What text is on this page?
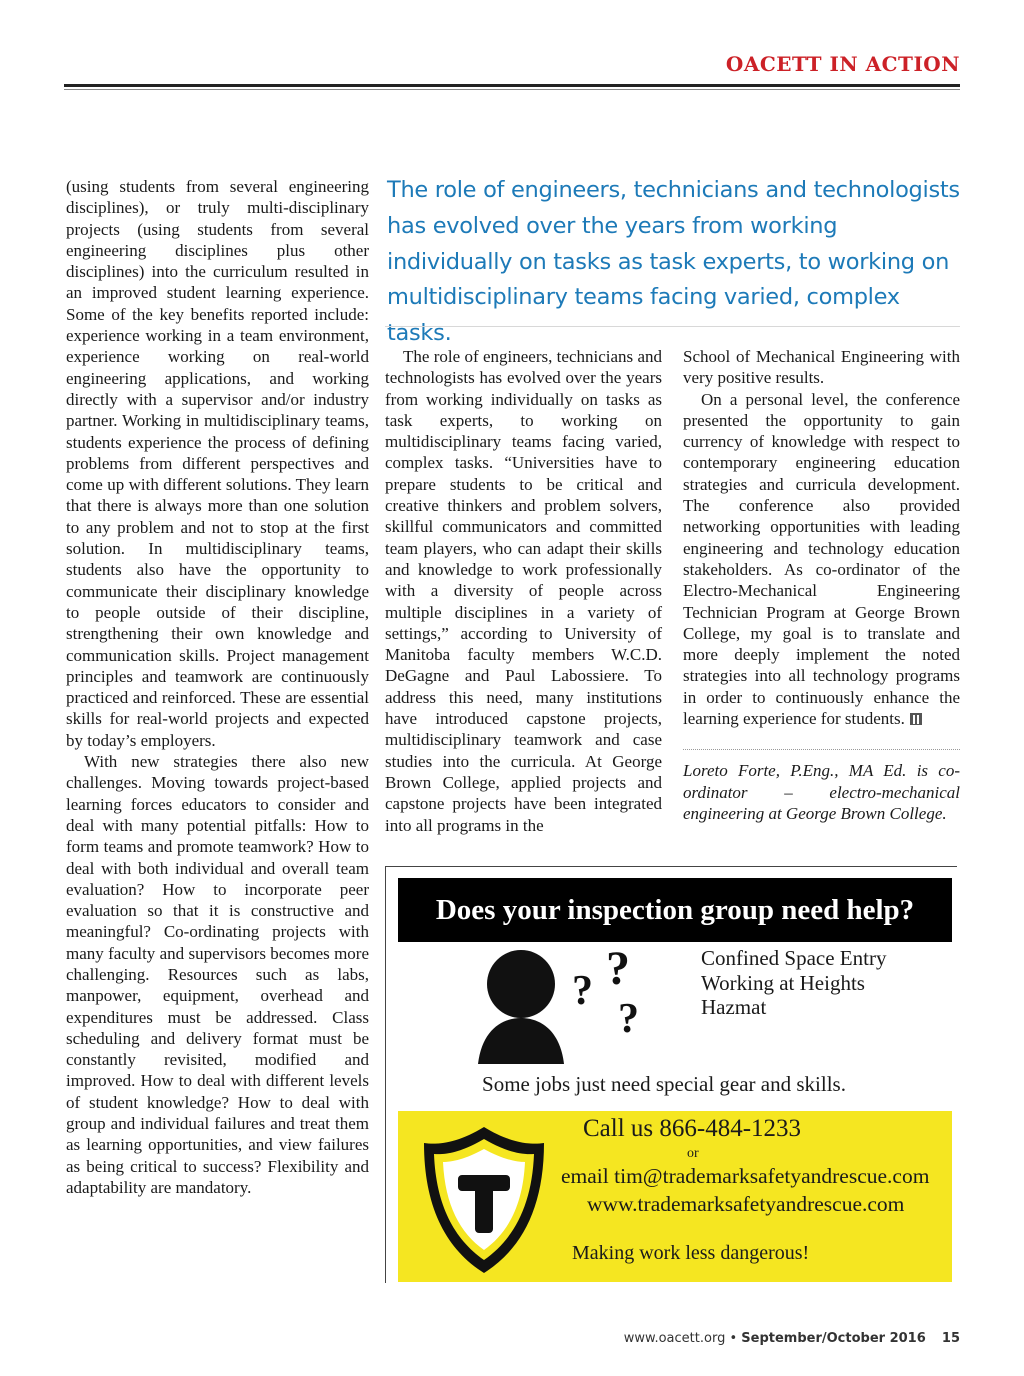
OACETT IN ACTION

(using students from several engineering disciplines), or truly multi-disciplinary projects (using students from several engineering disciplines plus other disciplines) into the curriculum resulted in an improved student learning experience. Some of the key benefits reported include: experience working in a team environment, experience working on real-world engineering applications, and working directly with a supervisor and/or industry partner. Working in multidisciplinary teams, students experience the process of defining problems from different perspectives and come up with different solutions. They learn that there is always more than one solution to any problem and not to stop at the first solution. In multidisciplinary teams, students also have the opportunity to communicate their disciplinary knowledge to people outside of their discipline, strengthening their own knowledge and communication skills. Project management principles and teamwork are continuously practiced and reinforced. These are essential skills for real-world projects and expected by today’s employers.

With new strategies there also new challenges. Moving towards project-based learning forces educators to consider and deal with many potential pitfalls: How to form teams and promote teamwork? How to deal with both individual and overall team evaluation? How to incorporate peer evaluation so that it is constructive and meaningful? Co-ordinating projects with many faculty and supervisors becomes more challenging. Resources such as labs, manpower, equipment, overhead and expenditures must be addressed. Class scheduling and delivery format must be constantly revisited, modified and improved. How to deal with different levels of student knowledge? How to deal with group and individual failures and treat them as learning opportunities, and view failures as being critical to success? Flexibility and adaptability are mandatory.

The role of engineers, technicians and technologists has evolved over the years from working individually on tasks as task experts, to working on multidisciplinary teams facing varied, complex tasks.

The role of engineers, technicians and technologists has evolved over the years from working individually on tasks as task experts, to working on multidisciplinary teams facing varied, complex tasks. “Universities have to prepare students to be critical and creative thinkers and problem solvers, skillful communicators and committed team players, who can adapt their skills and knowledge to work professionally with a diversity of people across multiple disciplines in a variety of settings,” according to University of Manitoba faculty members W.C.D. DeGagne and Paul Labossiere. To address this need, many institutions have introduced capstone projects, multidisciplinary teamwork and case studies into the curricula. At George Brown College, applied projects and capstone projects have been integrated into all programs in the

School of Mechanical Engineering with very positive results.

On a personal level, the conference presented the opportunity to gain currency of knowledge with respect to contemporary engineering education strategies and curricula development. The conference also provided networking opportunities with leading engineering and technology education stakeholders. As co-ordinator of the Electro-Mechanical Engineering Technician Program at George Brown College, my goal is to translate and more deeply implement the noted strategies into all technology programs in order to continuously enhance the learning experience for students.

Loreto Forte, P.Eng., MA Ed. is co-ordinator – electro-mechanical engineering at George Brown College.

Does your inspection group need help?
? ?
?
Confined Space Entry
Working at Heights
Hazmat

Some jobs just need special gear and skills.

T

Call us 866-484-1233

or

email tim@trademarksafetyandrescue.com

www.trademarksafetyandrescue.com

Making work less dangerous!

www.oacett.org • September/October 2016 15
